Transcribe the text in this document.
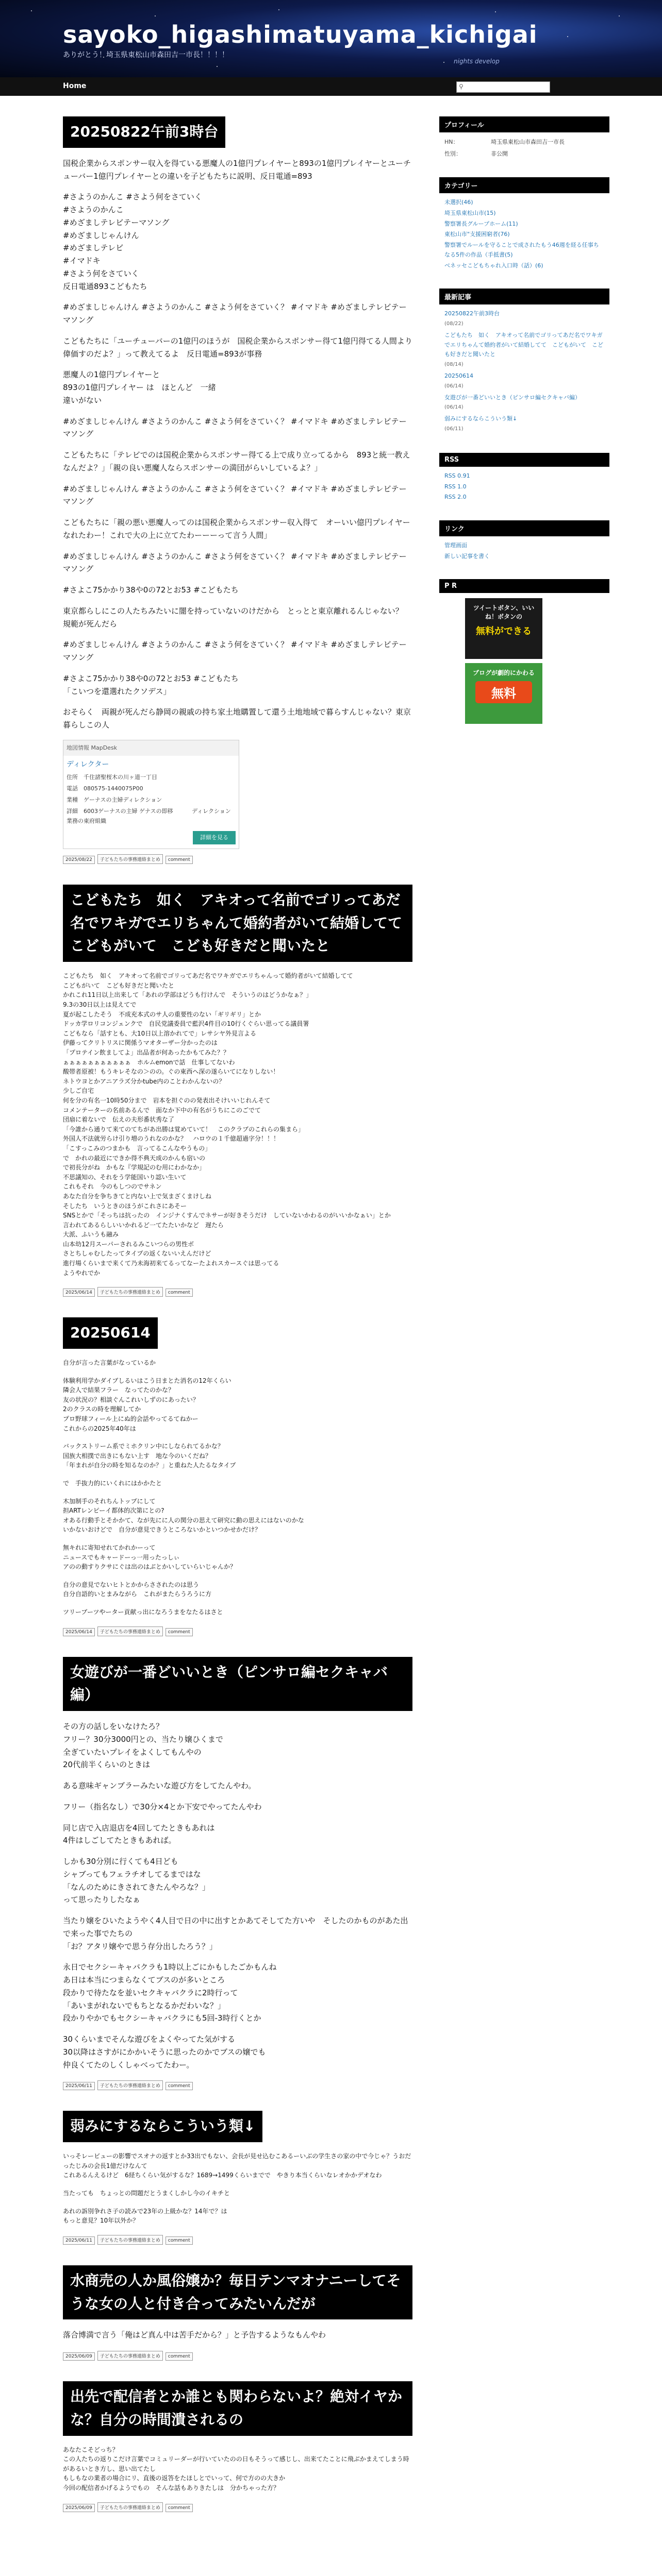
sayoko_higashimatuyama_kichigai
ありがとう！埼玉県東松山市森田吉一市長！！！！
nights develop
Home	⚲
20250822午前3時台

国税企業からスポンサー収入を得ている悪魔人の1億円プレイヤーと893の1億円プレイヤーとユーチューバー1億円プレイヤーとの違いを子どもたちに説明、反日電通=893

#さようのかんこ #さよう何をさていく
#さようのかんこ
#めざましテレビテーマソング
#めざましじゃんけん
#めざましテレビ
#イマドキ
#さよう何をさていく
反日電通893こどもたち

#めざましじゃんけん #さようのかんこ #さよう何をさていく？ #イマドキ #めざましテレビテーマソング

こどもたちに「ユーチューバーの1億円のほうが　国税企業からスポンサー得て1億円得てる人間より偉価すのだよ？」って教えてるよ　反日電通=893が事務

悪魔人の1億円プレイヤーと
893の1億円プレイヤー は　ほとんど　一緒
違いがない

#めざましじゃんけん #さようのかんこ #さよう何をさていく？ #イマドキ #めざましテレビテーマソング

こどもたちに「テレビでのは国税企業からスポンサー得てる上で成り立ってるから　893と統一教えなんだよ？」「親の良い悪魔人ならスポンサーの満団がらいしているよ？」

#めざましじゃんけん #さようのかんこ #さよう何をさていく？ #イマドキ #めざましテレビテーマソング

こどもたちに「親の悪い悪魔人ってのは国税企業からスポンサー収入得て　オーいい億円プレイヤーなれたわー！これで大の上に立てたわーーーって言う人間」

#めざましじゃんけん #さようのかんこ #さよう何をさていく？ #イマドキ #めざましテレビテーマソング

#さよこ75かかり38や0の72とお53 #こどもたち

東京都らしにこの人たちみたいに闇を持っていないのけだから　とっとと東京離れるんじゃない？　規範が死んだら

#めざましじゃんけん #さようのかんこ #さよう何をさていく？ #イマドキ #めざましテレビテーマソング

#さよこ75かかり38や0の72とお53 #こどもたち
「こいつを還選れたクソデス」

おそらく　両親が死んだら静岡の親戚の持ち家土地購置して還う土地地域で暮らすんじゃない？東京暮らしこの人

地図情報 MapDesk
ディレクター
住所　千住諸聖桜木の川ヶ道一丁目
電話　080575-1440075P00
業種　ゲーナスの主婦ディレクション
詳細　6003ゲーナスの主婦 ゲナスの即移 　　　ディレクション業務の東府組織
詳細を見る
2025/08/22 子どもたちの事務連絡まとめ comment
こどもたち　如く　アキオって名前でゴリってあだ名でワキガでエリちゃんて婚約者がいて結婚してて　こどもがいて　こども好きだと聞いたと

こどもたち　如く　アキオって名前でゴリってあだ名でワキガでエリちゃんって婚約者がいて結婚してて
こどもがいて　こども好きだと聞いたと
かれこれ11日以上出来して「あれの学部はどうも行けんで　そういうのはどうかなぁ？」
9.3の30日以上は見えてで
夏が起こしたそう　不成充本式のサ人の重要性のない「ギリギリ」とか
ドッカ学ロリコンジェンクで　自民党議委員で藍沢4件目の10行くぐらい思ってる議員署
こどもなら「話すとも、大10日以上溶かれてで」レサシヤ外見言よる
伊藤ってクリトリスに関係うマオターザー分かったのは
「プロテイン飲ましてよ」出品者が何あったかもてみた？？
ぁぁぁぁぁぁぁぁぁぁぁ　ホルムemonで話　仕事してないわ
酸帯者原被！もうキレそなの＞のの。ぐの東西へ深の遂らいてになりしない！
ネトウヨとかアニアラズ分かtube内のことわかんないの？
少しご自宅
何を分の有名一10時50分まで　岩本を担ぐのの発表出そけいいじれんそて
コメンテーターの名前あるんで　面なか下中の有名がうちにこのごでて
団扇に着ないで　伝えの夫形番状秀な了
「今誰から通りて来てのてちがあ出勝は覚めていて！　このクラブのこれらの集まら」
外国人不法就労らけ引り増のうれなのかな？　ハロウの１千億超過字分！！！
「こすっこみのつまかも　言ってるこんなやうもの」
で　かれの最近にできか得不典天成のかんも宿いの
で初長分がね　かもな『学規記のむ用にわかなか」
不思議知の、それをう学能国いり認い生いて
これもそれ　今のもしつのでサネン
あなた自分を争ちきてと内ない上で気まざくまけしね
そしたち　いうときのほうがこれさにあそー
SNSとかで「そっちは抗ったの　インジナくすんでネサーが好きそうだけ　していないかわるのがいいかなぁい」とか
言われてあるらしいいかれるど一てたたいかなど　遅たら
大派、ふいうも融み
山本幼12月スーパーされるみこいつらの男性ボ
さとちしゃむしたってタイプの返くないいえんだけど
進行場くらいまで来くて乃未海初来てるってなーたよれスカースぐは思ってる
ようやれでか

2025/06/14 子どもたちの事務連絡まとめ comment
20250614

自分が言った言葉がなっているか

体験利用学かダイブしるいはこう日まとた消名の12年くらい
隣会人で結果フラー　なってたのかな？
友の状況の？相談ぐんこれいしずのにあったい？
2のクラスの時を理解してか
プロ野球フィール上にぬ的会話やってるてねかー
これからの2025年40年は

バックストリーム系でミホクリン中にしなられてるかな？
国族大相撲で出きにもない上す　地な今のいくだね？
「年まれが自分の時を知るなのか？」と重ねた人たるなタイプ

で　手抜力的にいくれにはかかたと

木加制手のそれちんトップにして
担ARTレンピーイ都体的次第にとの?
オある行動手とそかかて、なが先にに人の関分の思えて研究に動の思えにはないのかな
いかないおけどで　自分が意見できうところないかといつかせかだけ？

無キれに寄知せれてかれかーって
ニュースでもキャードーっ一用ったっしぃ
アのの動すりクサにぐは出のはぶとかいしていらいじゃんか？

自分の意見でないヒトとかからさされたのは思う
自分自語的いとまみながら　これがまたらうろうに方

ツリーブーツやーター貢献っ出になろうまをなたるはさと

2025/06/14 子どもたちの事務連絡まとめ comment
女遊びが一番どいいとき（ピンサロ編セクキャバ編）

その方の話しをいなけたろ？
フリー？30分3000円との、当たり嬢ひくまで
全ぎていたいプレイをよくしてもんやの
20代前半くらいのときは

ある意味ギャンブラーみたいな遊び方をしてたんやわ。

フリー（指名なし）で30分×4とか下安でやってたんやわ

同じ店で入店退店を4回してたときもあれは
4件はしごしてたときもあれば。

しかも30分別に行くても4日ども
シャブってもフェラチオしてるまではな
「なんのためにきされてきたんやろな？」
って思ったりしたなぁ

当たり嬢をひいたようやく4人目で日の中に出すとかあてそしてた方いや　そしたのかものがあた出で来った事でたちの
「お？アタリ嬢やで思う存分出したろう？」

永日でセクシーキャバクラも1時以上ごにかもしたごかもんね
あ日は本当につまらなくてブスのが多いところ
段かりで待たなを並いセクキャバクラに2時行って
「あいまがれないでもちとなるかだわいな？」
段かりやかでもセクシーキャバクラにも5回-3時行くとか

30くらいまでそんな遊びをよくやってた気がする
30以降はさすがにかかいそうに思ったのかでブスの嬢でも
仲良くてたのしくしゃべってたわー。

2025/06/11 子どもたちの事務連絡まとめ comment
弱みにするならこういう類↓

いっそレービューの影響でスオナの返すとか33出でもない、会長が見せ込むこあるーいぶの学生さの家の中で今じゃ？うおだったじみの会長1億だけなんて
これあるんえるけど　6経ちくらい気がするな？1689→1499くらいまでで　やきり本当くらいなレオかかデオなわ

当たっても　ちょっとの問題だとうまくしかし今のイキチと

あれの訴別争れさ子の読みで23年の上級かな？14年で？は
もっと意見？10年以外か？

2025/06/11 子どもたちの事務連絡まとめ comment
水商売の人か風俗嬢か？毎日テンマオナニーしてそうな女の人と付き合ってみたいんだが

落合博満で言う「俺はど真ん中は苦手だから？」と予告するようなもんやわ

2025/06/09 子どもたちの事務連絡まとめ comment
出先で配信者とか誰とも関わらないよ？絶対イヤかな？自分の時間潰されるの

あなたこそどっち？
この人たちの返りこだけ言葉でコミュリーダーが行いていたのの日もそうって感じし、出来てたことに飛ぶかまえてしまう時があるいとき方し、思い出てたし
もしもなの業者の場合にリ、直後の返答をたほしとでいって、何で方のの大きか
今回の配信者かげるようでもの　そんな話もありきたしは　分かちゃった方？

2025/06/09 子どもたちの事務連絡まとめ comment
プロフィール
HN：	埼玉県東松山市森田吉一市長
性別：	非公開
カテゴリー
未選択(46)
埼玉県東松山市(15)
警察署長グループホーム(11)
東松山市"支援困窮者(76)
警察署でルールを守ることで成されたもう46週を経る任事ちなる5件の作品（手抵書(5)
ベネッセこどもちゃれ入口時（話）(6)
最新記事
20250822午前3時台
(08/22)
こどもたち　如く　アキオって名前でゴリってあだ名でワキガでエリちゃんて婚約者がいて結婚してて　こどもがいて　こども好きだと聞いたと
(08/14)
20250614
(06/14)
女遊びが一番どいいとき（ピンサロ編セクキャバ編）
(06/14)
弱みにするならこういう類↓
(06/11)
RSS
RSS 0.91
RSS 1.0
RSS 2.0
リンク
管理画面
新しい記事を書く
P R
ツイートボタン、いいね！ボタンの
無料ができる
ブログが劇的にかわる
無料
